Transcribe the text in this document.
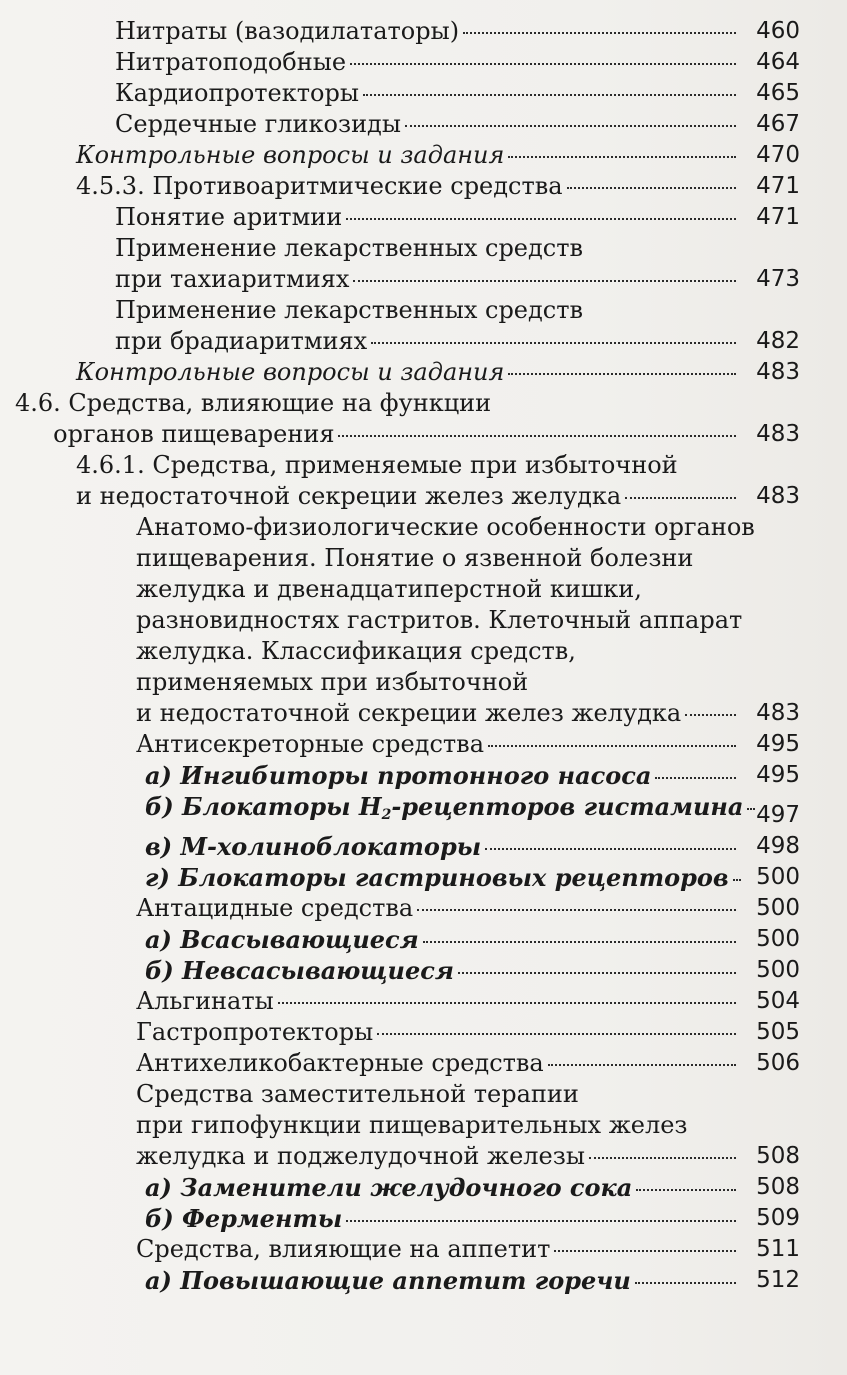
Нитраты (вазодилататоры)	460
Нитратоподобные	464
Кардиопротекторы	465
Сердечные гликозиды	467
Контрольные вопросы и задания	470
4.5.3. Противоаритмические средства	471
Понятие аритмии	471
Применение лекарственных средств
при тахиаритмиях	473
Применение лекарственных средств
при брадиаритмиях	482
Контрольные вопросы и задания	483
4.6. Средства, влияющие на функции
органов пищеварения	483
4.6.1. Средства, применяемые при избыточной
и недостаточной секреции желез желудка	483
Анатомо-физиологические особенности органов
пищеварения. Понятие о язвенной болезни
желудка и двенадцатиперстной кишки,
разновидностях гастритов. Клеточный аппарат
желудка. Классификация средств,
применяемых при избыточной
и недостаточной секреции желез желудка	483
Антисекреторные средства	495
а) Ингибиторы протонного насоса	495
б) Блокаторы $H_2$-рецепторов гистамина 497
в) М-холиноблокаторы	498
г) Блокаторы гастриновых рецепторов	500
Антацидные средства	500
а) Всасывающиеся	500
б) Невсасывающиеся	500
Альгинаты	504
Гастропротекторы	505
Антихеликобактерные средства	506
Средства заместительной терапии
при гипофункции пищеварительных желез
желудка и поджелудочной железы	508
а) Заменители желудочного сока	508
б) Ферменты	509
Средства, влияющие на аппетит	511
а) Повышающие аппетит горечи	512
